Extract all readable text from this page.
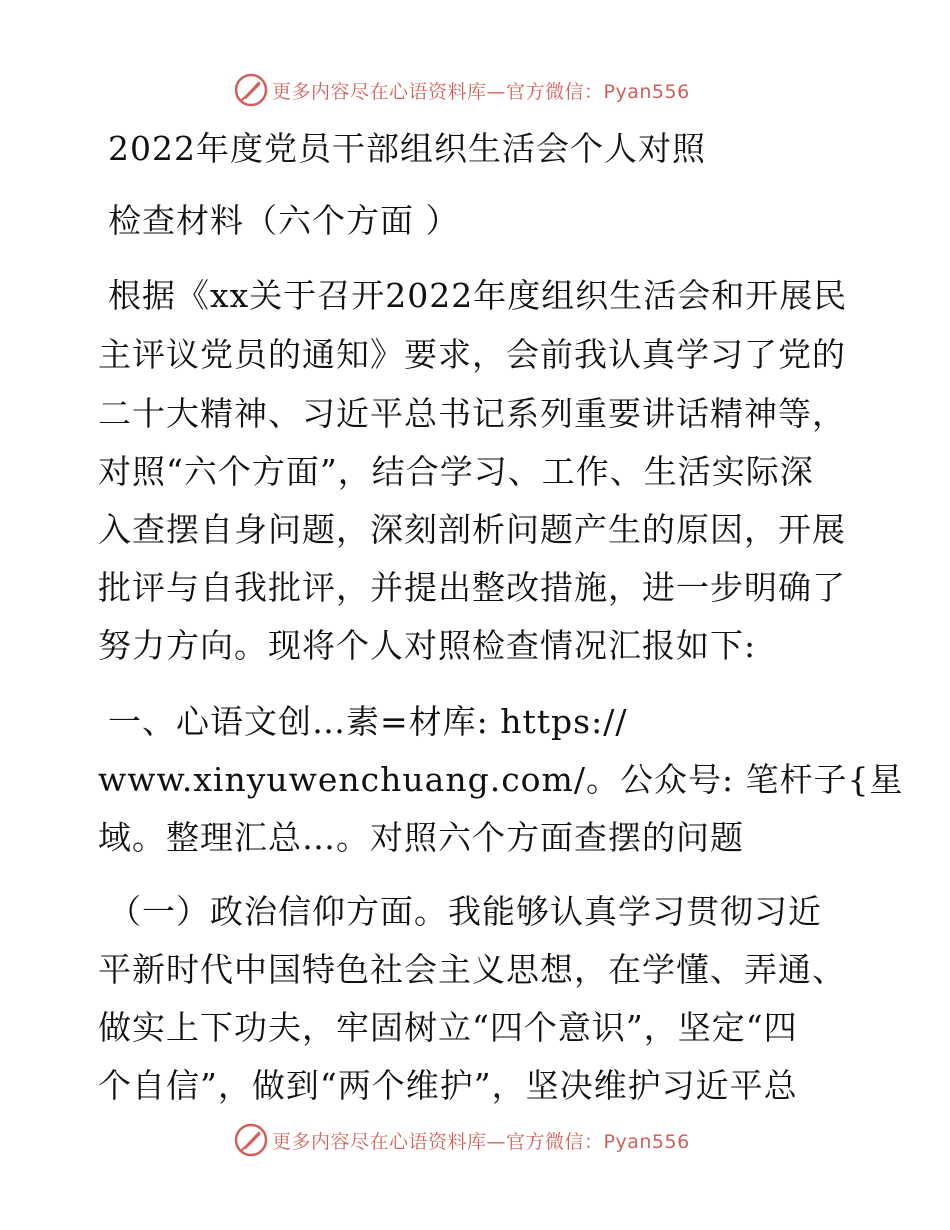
更多内容尽在心语资料库—官方微信：Pyan556
2022年度党员干部组织生活会个人对照
检查材料（六个方面 ）
根据《xx关于召开2022年度组织生活会和开展民
主评议党员的通知》要求，会前我认真学习了党的
二十大精神、习近平总书记系列重要讲话精神等，
对照“六个方面”，结合学习、工作、生活实际深
入查摆自身问题，深刻剖析问题产生的原因，开展
批评与自我批评，并提出整改措施，进一步明确了
努力方向。现将个人对照检查情况汇报如下:
一、心语文创…素=材库: https://
www.xinyuwenchuang.com/。公众号: 笔杆子{星
域。整理汇总…。对照六个方面查摆的问题
（一）政治信仰方面。我能够认真学习贯彻习近
平新时代中国特色社会主义思想，在学懂、弄通、
做实上下功夫，牢固树立“四个意识”，坚定“四
个自信”，做到“两个维护”，坚决维护习近平总
更多内容尽在心语资料库—官方微信：Pyan556
